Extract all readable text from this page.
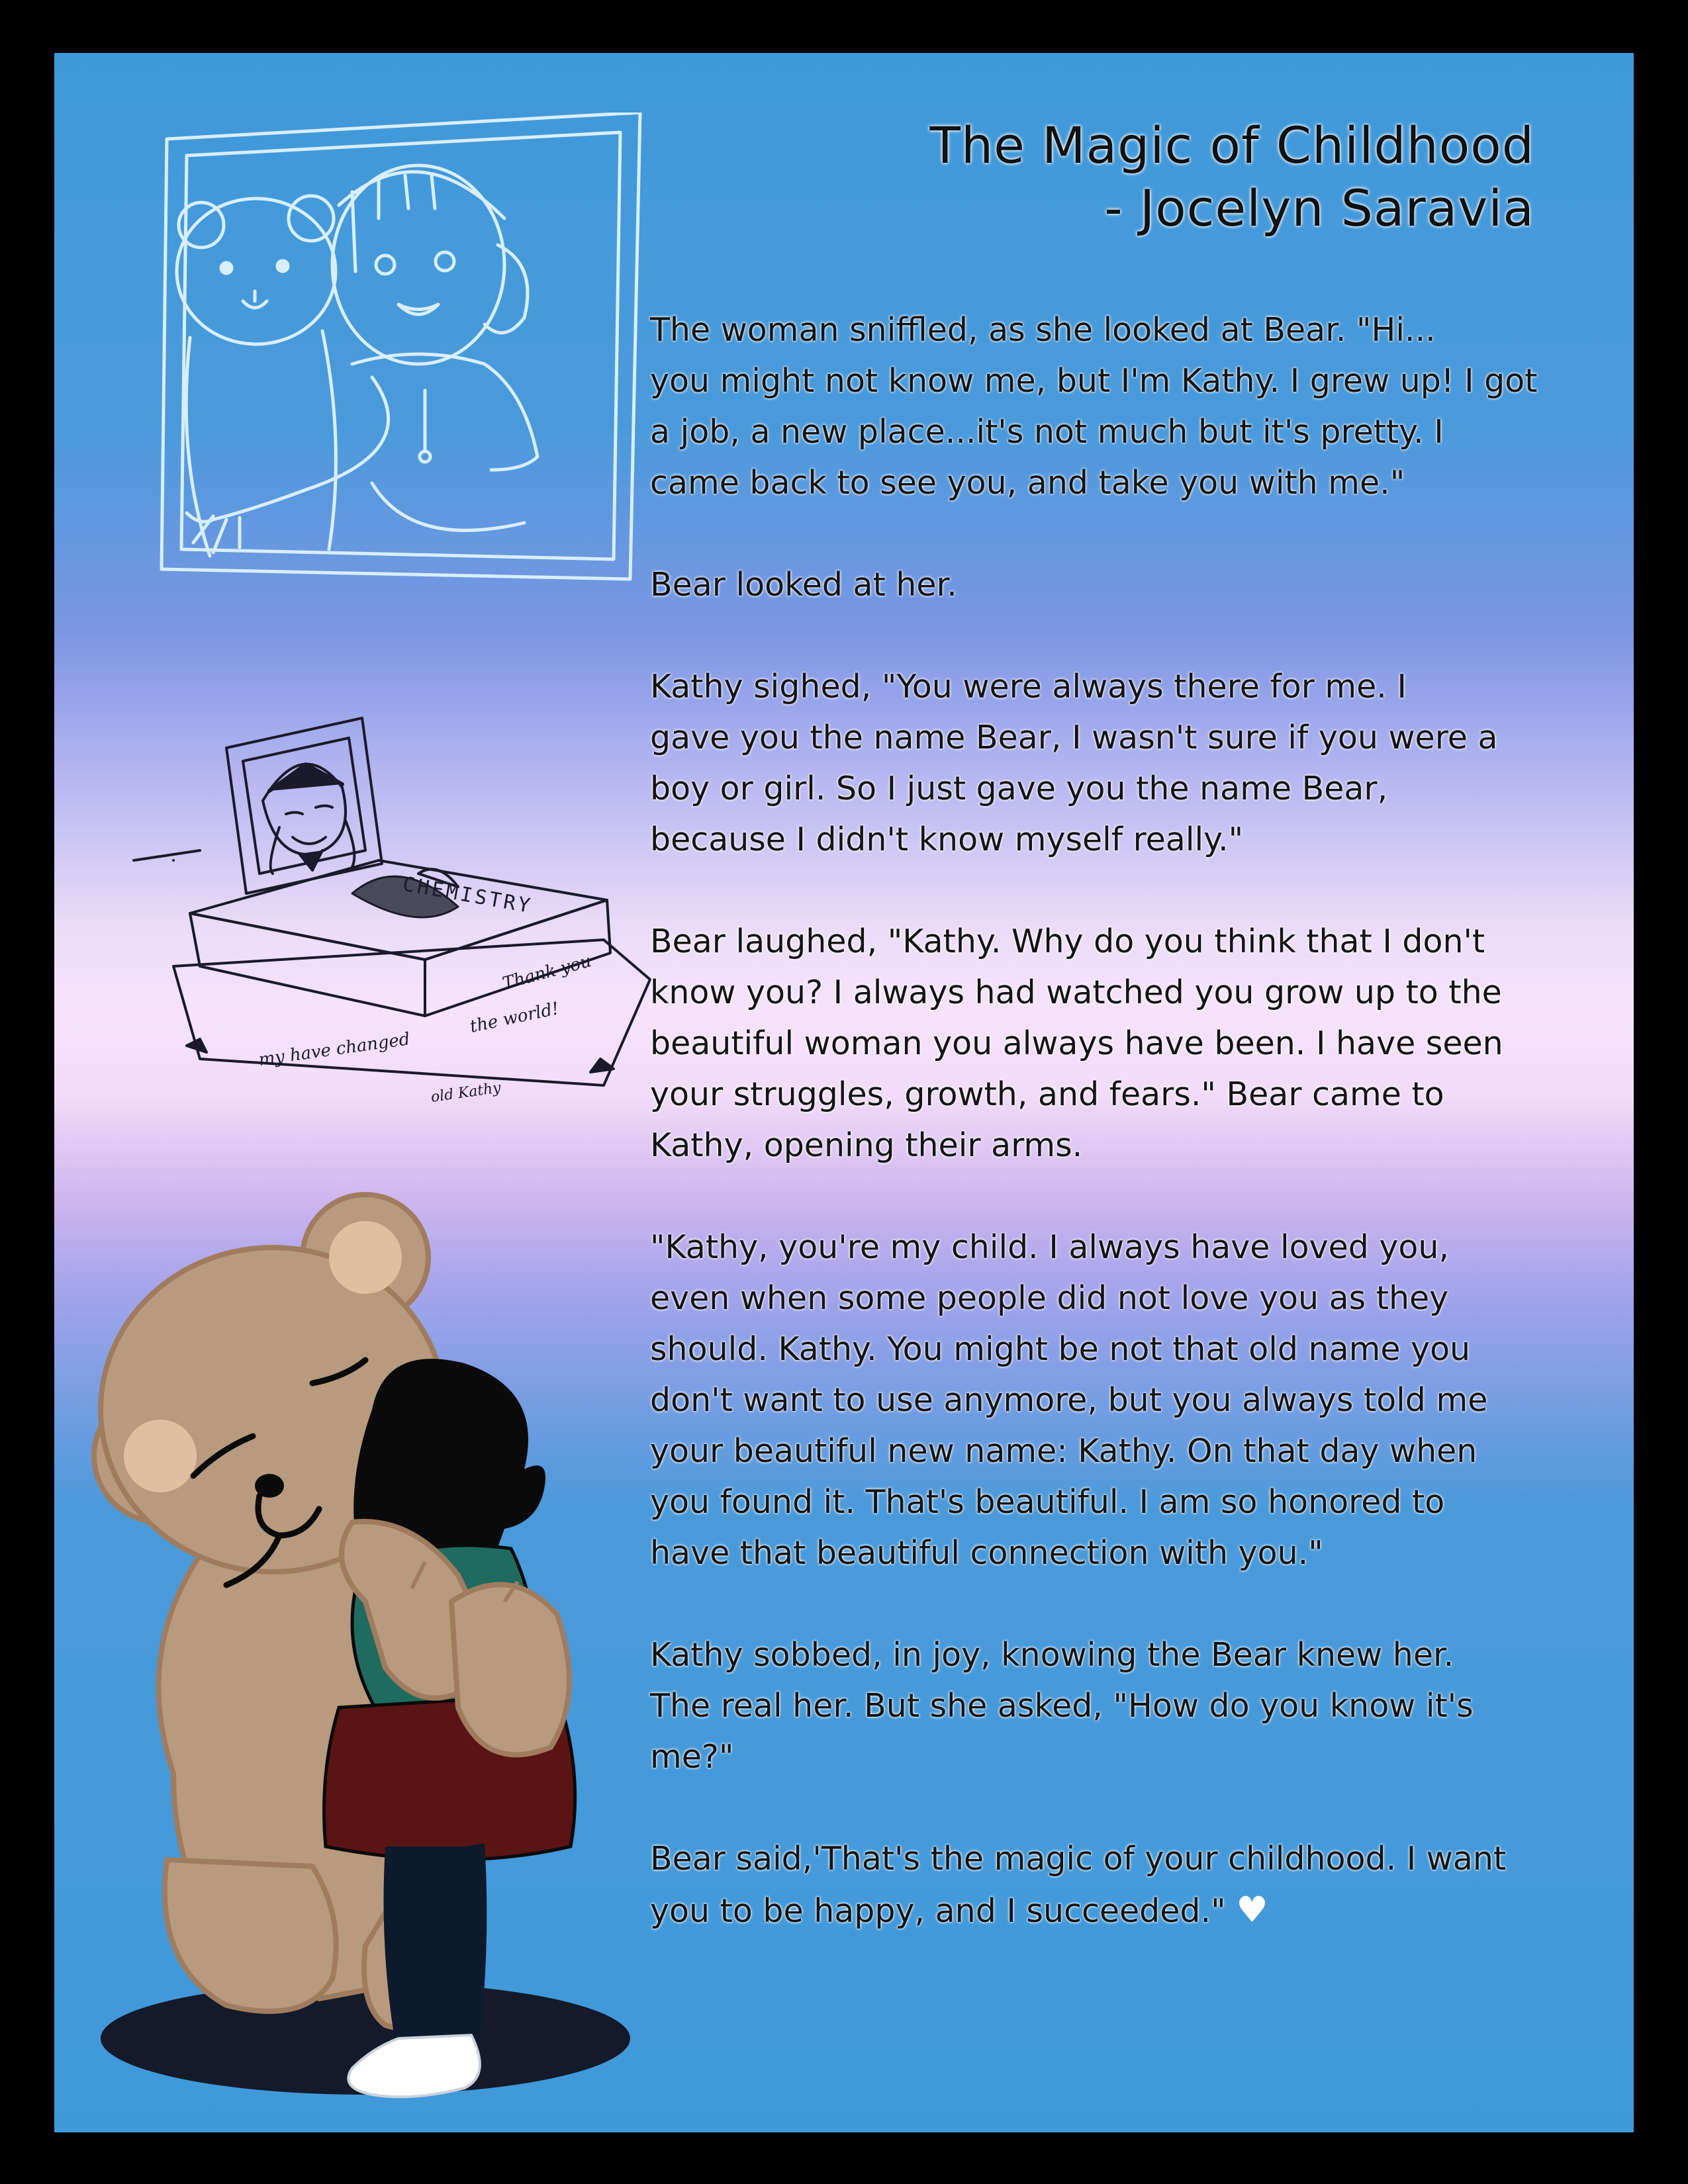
The Magic of Childhood
- Jocelyn Saravia
CHEMISTRY
Thank you
the world!
my have changed
old Kathy

The woman sniffled, as she looked at Bear. "Hi...
you might not know me, but I'm Kathy. I grew up! I got
a job, a new place...it's not much but it's pretty. I
came back to see you, and take you with me."

Bear looked at her.

Kathy sighed, "You were always there for me. I
gave you the name Bear, I wasn't sure if you were a
boy or girl. So I just gave you the name Bear,
because I didn't know myself really."

Bear laughed, "Kathy. Why do you think that I don't
know you? I always had watched you grow up to the
beautiful woman you always have been. I have seen
your struggles, growth, and fears." Bear came to
Kathy, opening their arms.

"Kathy, you're my child. I always have loved you,
even when some people did not love you as they
should. Kathy. You might be not that old name you
don't want to use anymore, but you always told me
your beautiful new name: Kathy. On that day when
you found it. That's beautiful. I am so honored to
have that beautiful connection with you."

Kathy sobbed, in joy, knowing the Bear knew her.
The real her. But she asked, "How do you know it's
me?"

Bear said,'That's the magic of your childhood. I want
you to be happy, and I succeeded." ♥
